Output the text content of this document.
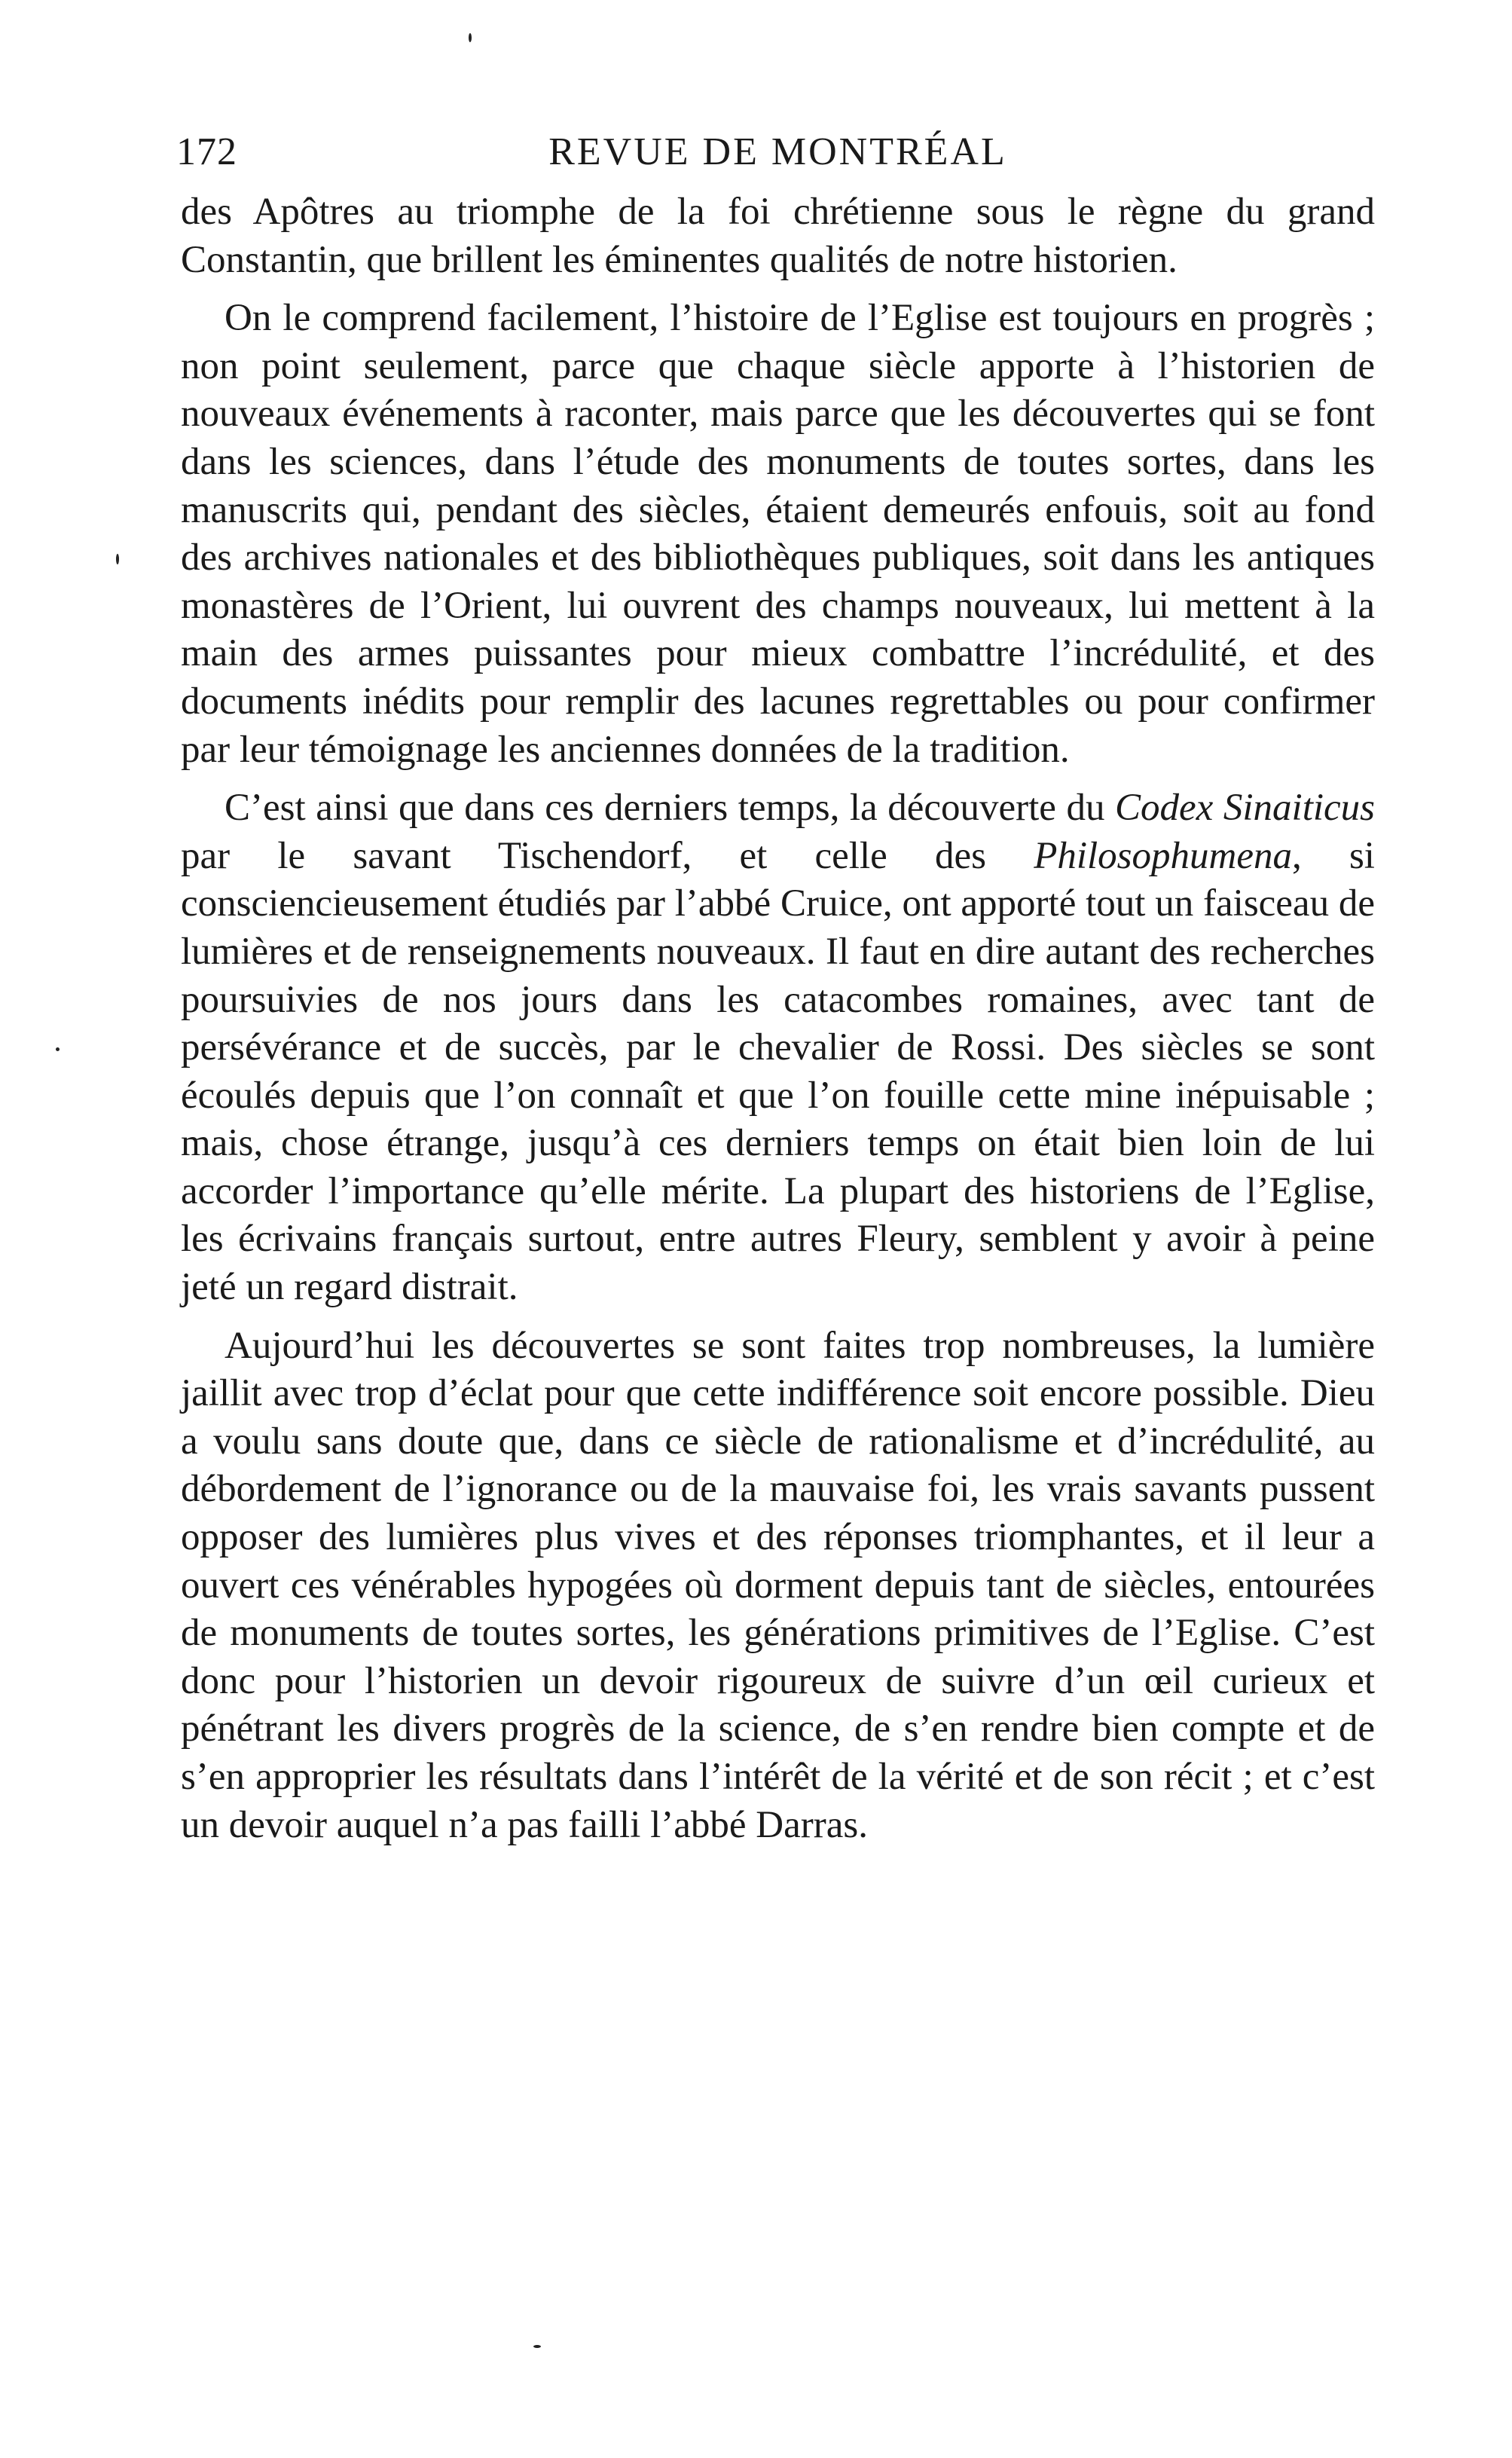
172	REVUE DE MONTRÉAL

des Apôtres au triomphe de la foi chrétienne sous le règne du grand Constantin, que brillent les éminentes qualités de notre historien.

On le comprend facilement, l’histoire de l’Eglise est toujours en progrès ; non point seulement, parce que chaque siècle apporte à l’historien de nouveaux événements à raconter, mais parce que les découvertes qui se font dans les sciences, dans l’étude des monuments de toutes sortes, dans les manuscrits qui, pendant des siècles, étaient demeurés enfouis, soit au fond des archives nationales et des bibliothèques publiques, soit dans les antiques monastères de l’Orient, lui ouvrent des champs nouveaux, lui mettent à la main des armes puissantes pour mieux combattre l’incrédulité, et des documents inédits pour remplir des lacunes regrettables ou pour confirmer par leur témoignage les anciennes données de la tradition.

C’est ainsi que dans ces derniers temps, la découverte du Codex Sinaiticus par le savant Tischendorf, et celle des Philosophumena, si consciencieusement étudiés par l’abbé Cruice, ont apporté tout un faisceau de lumières et de renseignements nouveaux. Il faut en dire autant des recherches poursuivies de nos jours dans les catacombes romaines, avec tant de persévérance et de succès, par le chevalier de Rossi. Des siècles se sont écoulés depuis que l’on connaît et que l’on fouille cette mine inépuisable ; mais, chose étrange, jusqu’à ces derniers temps on était bien loin de lui accorder l’importance qu’elle mérite. La plupart des historiens de l’Eglise, les écrivains français surtout, entre autres Fleury, semblent y avoir à peine jeté un regard distrait.

Aujourd’hui les découvertes se sont faites trop nombreuses, la lumière jaillit avec trop d’éclat pour que cette indifférence soit encore possible. Dieu a voulu sans doute que, dans ce siècle de rationalisme et d’incrédulité, au débordement de l’ignorance ou de la mauvaise foi, les vrais savants pussent opposer des lumières plus vives et des réponses triomphantes, et il leur a ouvert ces vénérables hypogées où dorment depuis tant de siècles, entourées de monuments de toutes sortes, les générations primitives de l’Eglise. C’est donc pour l’historien un devoir rigoureux de suivre d’un œil curieux et pénétrant les divers progrès de la science, de s’en rendre bien compte et de s’en approprier les résultats dans l’intérêt de la vérité et de son récit ; et c’est un devoir auquel n’a pas failli l’abbé Darras.
